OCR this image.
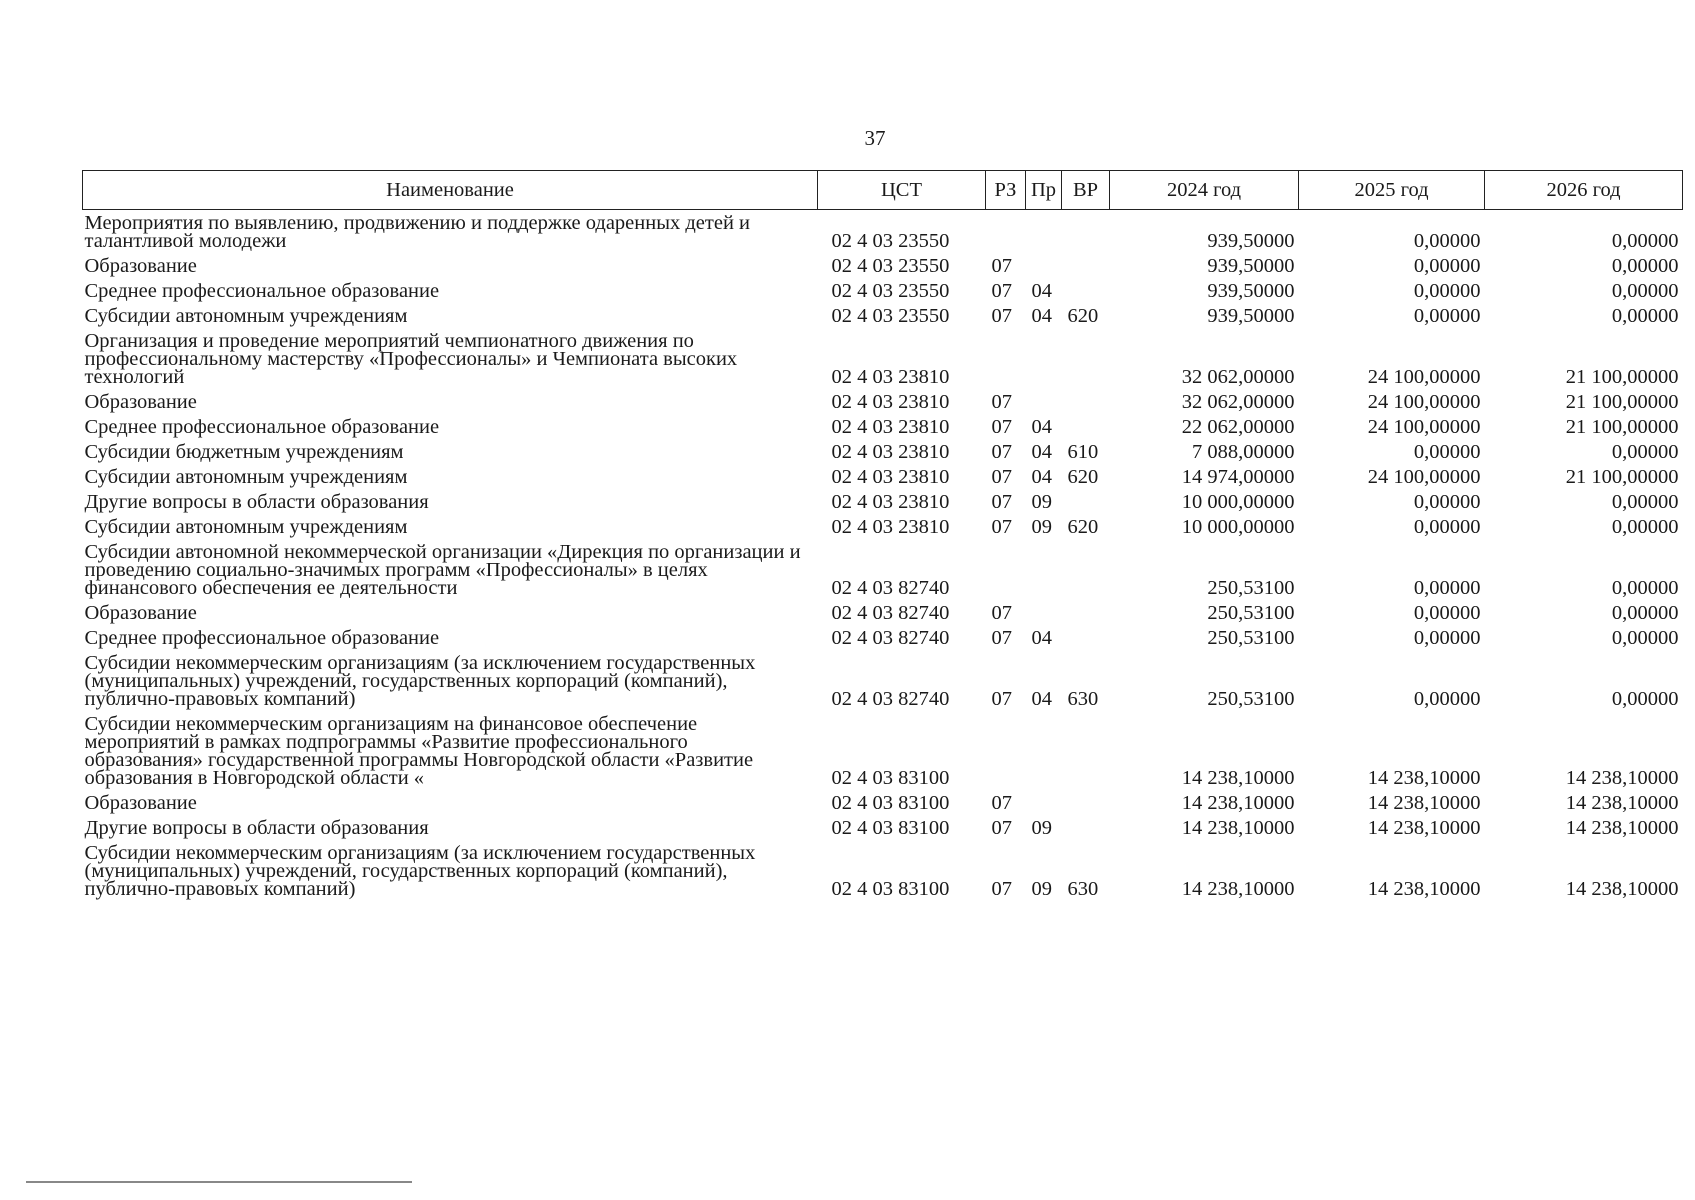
37
Наименование	ЦСТ	РЗ	Пр	ВР	2024 год	2025 год	2026 год
Мероприятия по выявлению, продвижению и поддержке одаренных детей и талантливой молодежи	02 4 03 23550				939,50000	0,00000	0,00000
Образование	02 4 03 23550	07			939,50000	0,00000	0,00000
Среднее профессиональное образование	02 4 03 23550	07	04		939,50000	0,00000	0,00000
Субсидии автономным учреждениям	02 4 03 23550	07	04	620	939,50000	0,00000	0,00000
Организация и проведение мероприятий чемпионатного движения по профессиональному мастерству «Профессионалы» и Чемпионата высоких технологий	02 4 03 23810				32 062,00000	24 100,00000	21 100,00000
Образование	02 4 03 23810	07			32 062,00000	24 100,00000	21 100,00000
Среднее профессиональное образование	02 4 03 23810	07	04		22 062,00000	24 100,00000	21 100,00000
Субсидии бюджетным учреждениям	02 4 03 23810	07	04	610	7 088,00000	0,00000	0,00000
Субсидии автономным учреждениям	02 4 03 23810	07	04	620	14 974,00000	24 100,00000	21 100,00000
Другие вопросы в области образования	02 4 03 23810	07	09		10 000,00000	0,00000	0,00000
Субсидии автономным учреждениям	02 4 03 23810	07	09	620	10 000,00000	0,00000	0,00000
Субсидии автономной некоммерческой организации «Дирекция по организации и проведению социально-значимых программ «Профессионалы» в целях финансового обеспечения ее деятельности	02 4 03 82740				250,53100	0,00000	0,00000
Образование	02 4 03 82740	07			250,53100	0,00000	0,00000
Среднее профессиональное образование	02 4 03 82740	07	04		250,53100	0,00000	0,00000
Субсидии некоммерческим организациям (за исключением государственных (муниципальных) учреждений, государственных корпораций (компаний), публично-правовых компаний)	02 4 03 82740	07	04	630	250,53100	0,00000	0,00000
Субсидии некоммерческим организациям на финансовое обеспечение мероприятий в рамках подпрограммы «Развитие профессионального образования» государственной программы Новгородской области «Развитие образования в Новгородской области «	02 4 03 83100				14 238,10000	14 238,10000	14 238,10000
Образование	02 4 03 83100	07			14 238,10000	14 238,10000	14 238,10000
Другие вопросы в области образования	02 4 03 83100	07	09		14 238,10000	14 238,10000	14 238,10000
Субсидии некоммерческим организациям (за исключением государственных (муниципальных) учреждений, государственных корпораций (компаний), публично-правовых компаний)	02 4 03 83100	07	09	630	14 238,10000	14 238,10000	14 238,10000
